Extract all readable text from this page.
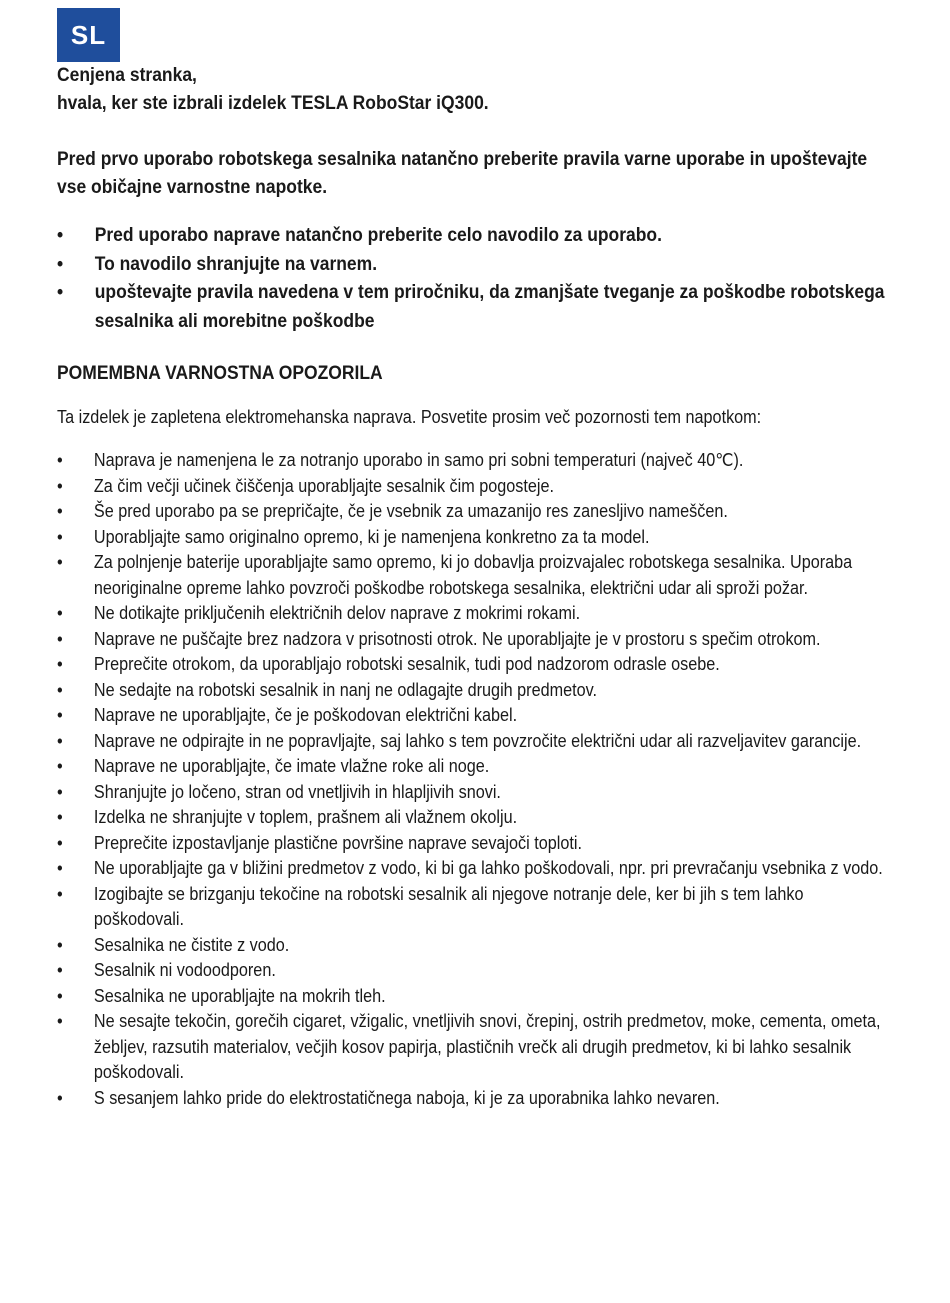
SL

Cenjena stranka,
hvala, ker ste izbrali izdelek TESLA RoboStar iQ300.

Pred prvo uporabo robotskega sesalnika natančno preberite pravila varne uporabe in upoštevajte vse običajne varnostne napotke.

• Pred uporabo naprave natančno preberite celo navodilo za uporabo.
• To navodilo shranjujte na varnem.
• upoštevajte pravila navedena v tem priročniku, da zmanjšate tveganje za poškodbe robotskega sesalnika ali morebitne poškodbe
POMEMBNA VARNOSTNA OPOZORILA

Ta izdelek je zapletena elektromehanska naprava. Posvetite prosim več pozornosti tem napotkom:

• Naprava je namenjena le za notranjo uporabo in samo pri sobni temperaturi (največ 40℃).
• Za čim večji učinek čiščenja uporabljajte sesalnik čim pogosteje.
• Še pred uporabo pa se prepričajte, če je vsebnik za umazanijo res zanesljivo nameščen.
• Uporabljajte samo originalno opremo, ki je namenjena konkretno za ta model.
• Za polnjenje baterije uporabljajte samo opremo, ki jo dobavlja proizvajalec robotskega sesalnika. Uporaba neoriginalne opreme lahko povzroči poškodbe robotskega sesalnika, električni udar ali sproži požar.
• Ne dotikajte priključenih električnih delov naprave z mokrimi rokami.
• Naprave ne puščajte brez nadzora v prisotnosti otrok. Ne uporabljajte je v prostoru s spečim otrokom.
• Preprečite otrokom, da uporabljajo robotski sesalnik, tudi pod nadzorom odrasle osebe.
• Ne sedajte na robotski sesalnik in nanj ne odlagajte drugih predmetov.
• Naprave ne uporabljajte, če je poškodovan električni kabel.
• Naprave ne odpirajte in ne popravljajte, saj lahko s tem povzročite električni udar ali razveljavitev garancije.
• Naprave ne uporabljajte, če imate vlažne roke ali noge.
• Shranjujte jo ločeno, stran od vnetljivih in hlapljivih snovi.
• Izdelka ne shranjujte v toplem, prašnem ali vlažnem okolju.
• Preprečite izpostavljanje plastične površine naprave sevajoči toploti.
• Ne uporabljajte ga v bližini predmetov z vodo, ki bi ga lahko poškodovali, npr. pri prevračanju vsebnika z vodo.
• Izogibajte se brizganju tekočine na robotski sesalnik ali njegove notranje dele, ker bi jih s tem lahko poškodovali.
• Sesalnika ne čistite z vodo.
• Sesalnik ni vodoodporen.
• Sesalnika ne uporabljajte na mokrih tleh.
• Ne sesajte tekočin, gorečih cigaret, vžigalic, vnetljivih snovi, črepinj, ostrih predmetov, moke, cementa, ometa, žebljev, razsutih materialov, večjih kosov papirja, plastičnih vrečk ali drugih predmetov, ki bi lahko sesalnik poškodovali.
• S sesanjem lahko pride do elektrostatičnega naboja, ki je za uporabnika lahko nevaren.
